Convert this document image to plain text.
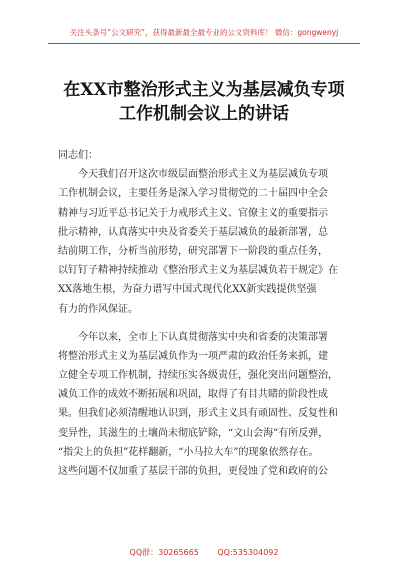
关注头条号“公文研究”，获得最新最全最专业的公文资料库！ 微信：gongwenyj
在XX市整治形式主义为基层减负专项
工作机制会议上的讲话
同志们：
　　今天我们召开这次市级层面整治形式主义为基层减负专项
工作机制会议，主要任务是深入学习贯彻党的二十届四中全会
精神与习近平总书记关于力戒形式主义、官僚主义的重要指示
批示精神，认真落实中央及省委关于基层减负的最新部署，总
结前期工作，分析当前形势，研究部署下一阶段的重点任务，
以钉钉子精神持续推动《整治形式主义为基层减负若干规定》在
XX落地生根，为奋力谱写中国式现代化XX新实践提供坚强
有力的作风保证。
　　今年以来，全市上下认真贯彻落实中央和省委的决策部署
将整治形式主义为基层减负作为一项严肃的政治任务来抓，建
立健全专项工作机制，持续压实各级责任，强化突出问题整治，
减负工作的成效不断拓展和巩固，取得了有目共睹的阶段性成
果。但我们必须清醒地认识到，形式主义具有顽固性、反复性和
变异性，其滋生的土壤尚未彻底铲除，“文山会海”有所反弹，
“指尖上的负担”花样翻新，“小马拉大车”的现象依然存在。
这些问题不仅加重了基层干部的负担，更侵蚀了党和政府的公
QQ群：30265665 QQ:535304092
